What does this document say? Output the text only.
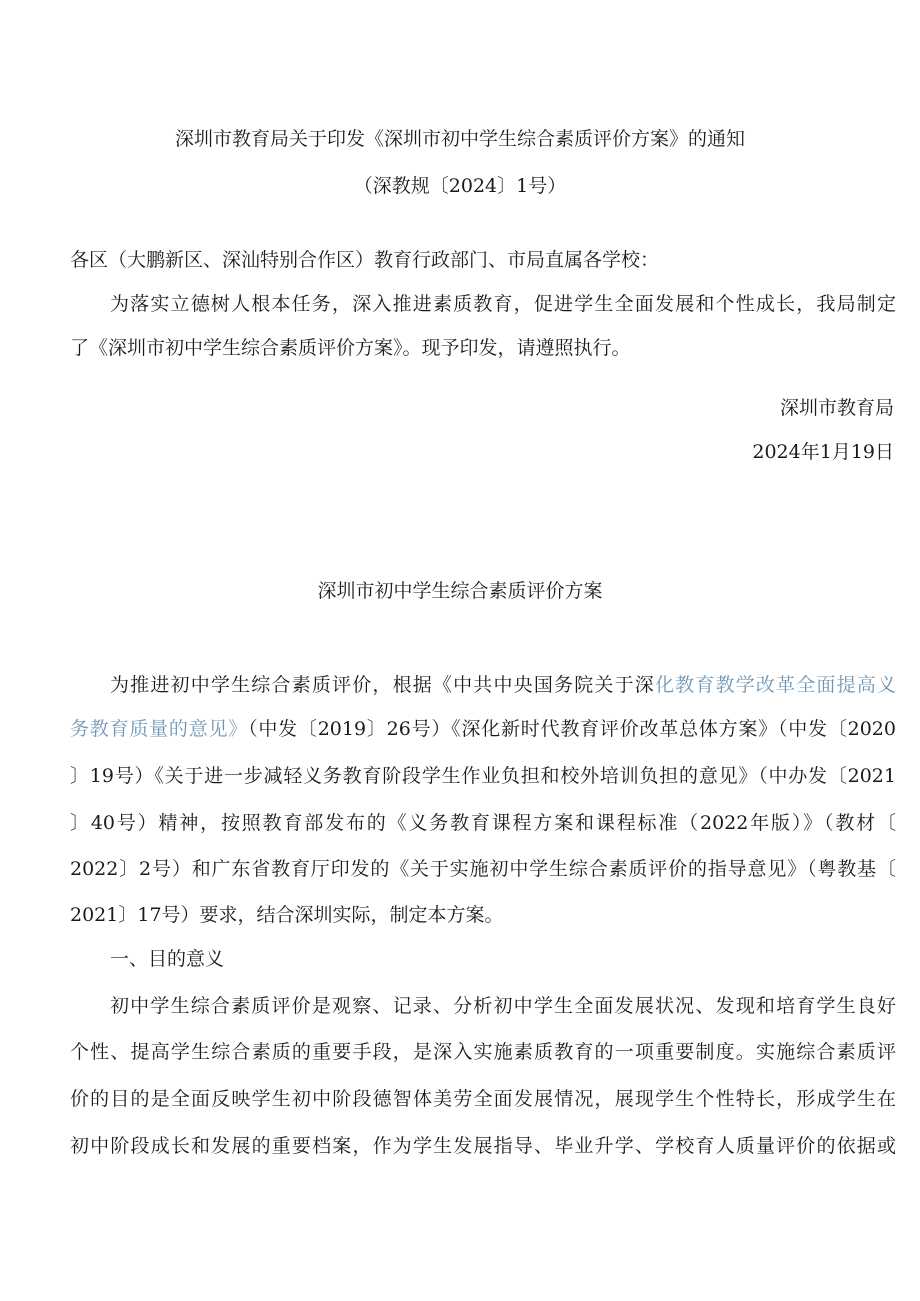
深圳市教育局关于印发《深圳市初中学生综合素质评价方案》的通知
（深教规〔2024〕1号）
各区（大鹏新区、深汕特别合作区）教育行政部门、市局直属各学校：
为落实立德树人根本任务，深入推进素质教育，促进学生全面发展和个性成长，我局制定
了《深圳市初中学生综合素质评价方案》。现予印发，请遵照执行。
深圳市教育局
2024年1月19日
深圳市初中学生综合素质评价方案
为推进初中学生综合素质评价，根据《中共中央国务院关于深化教育教学改革全面提高义
务教育质量的意见》（中发〔2019〕26号）《深化新时代教育评价改革总体方案》（中发〔2020
〕19号）《关于进一步减轻义务教育阶段学生作业负担和校外培训负担的意见》（中办发〔2021
〕40号）精神，按照教育部发布的《义务教育课程方案和课程标准（2022年版）》（教材〔
2022〕2号）和广东省教育厅印发的《关于实施初中学生综合素质评价的指导意见》（粤教基〔
2021〕17号）要求，结合深圳实际，制定本方案。
一、目的意义
初中学生综合素质评价是观察、记录、分析初中学生全面发展状况、发现和培育学生良好
个性、提高学生综合素质的重要手段，是深入实施素质教育的一项重要制度。实施综合素质评
价的目的是全面反映学生初中阶段德智体美劳全面发展情况，展现学生个性特长，形成学生在
初中阶段成长和发展的重要档案，作为学生发展指导、毕业升学、学校育人质量评价的依据或
